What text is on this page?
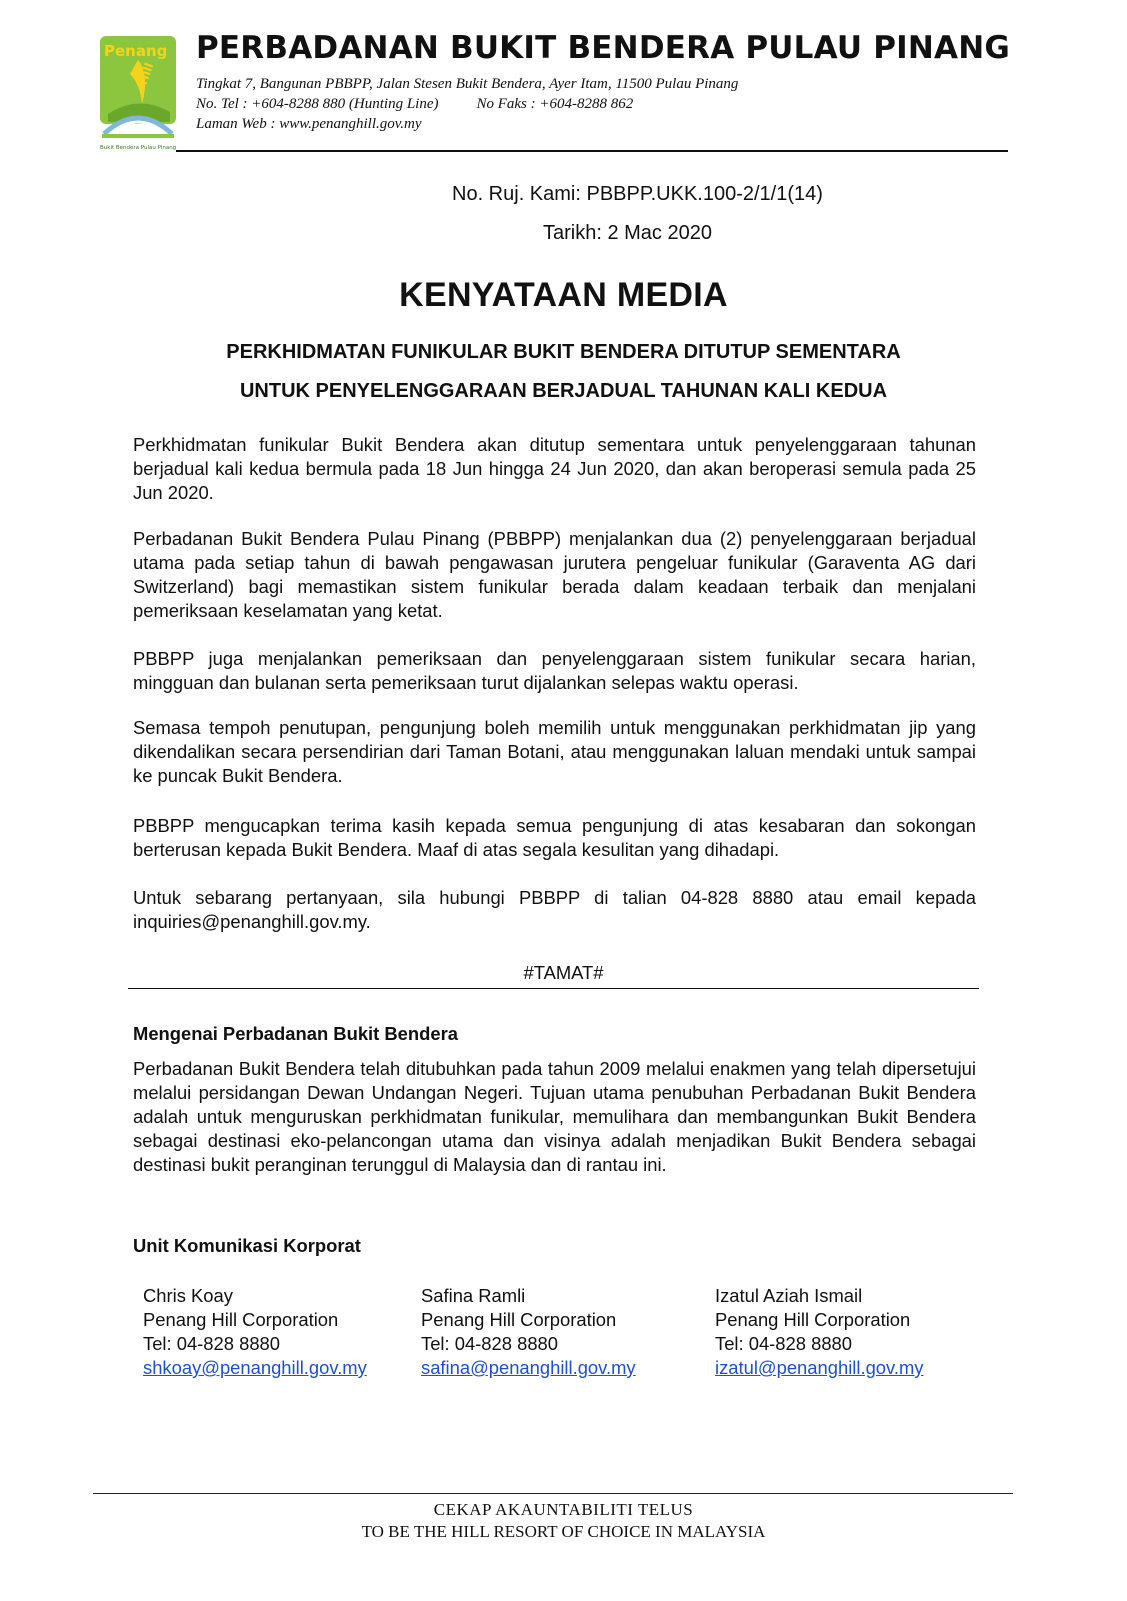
Penang
Hill
Bukit Bendera Pulau Pinang
PERBADANAN BUKIT BENDERA PULAU PINANG
Tingkat 7, Bangunan PBBPP, Jalan Stesen Bukit Bendera, Ayer Itam, 11500 Pulau Pinang
No. Tel : +604-8288 880 (Hunting Line)	No Faks : +604-8288 862
Laman Web : www.penanghill.gov.my
No. Ruj. Kami: PBBPP.UKK.100-2/1/1(14)
Tarikh: 2 Mac 2020
KENYATAAN MEDIA
PERKHIDMATAN FUNIKULAR BUKIT BENDERA DITUTUP SEMENTARA
UNTUK PENYELENGGARAAN BERJADUAL TAHUNAN KALI KEDUA

Perkhidmatan funikular Bukit Bendera akan ditutup sementara untuk penyelenggaraan tahunan berjadual kali kedua bermula pada 18 Jun hingga 24 Jun 2020, dan akan beroperasi semula pada 25 Jun 2020.

Perbadanan Bukit Bendera Pulau Pinang (PBBPP) menjalankan dua (2) penyelenggaraan berjadual utama pada setiap tahun di bawah pengawasan jurutera pengeluar funikular (Garaventa AG dari Switzerland) bagi memastikan sistem funikular berada dalam keadaan terbaik dan menjalani pemeriksaan keselamatan yang ketat.

PBBPP juga menjalankan pemeriksaan dan penyelenggaraan sistem funikular secara harian, mingguan dan bulanan serta pemeriksaan turut dijalankan selepas waktu operasi.

Semasa tempoh penutupan, pengunjung boleh memilih untuk menggunakan perkhidmatan jip yang dikendalikan secara persendirian dari Taman Botani, atau menggunakan laluan mendaki untuk sampai ke puncak Bukit Bendera.

PBBPP mengucapkan terima kasih kepada semua pengunjung di atas kesabaran dan sokongan berterusan kepada Bukit Bendera. Maaf di atas segala kesulitan yang dihadapi.

Untuk sebarang pertanyaan, sila hubungi PBBPP di talian 04-828 8880 atau email kepada inquiries@penanghill.gov.my.

#TAMAT#
Mengenai Perbadanan Bukit Bendera

Perbadanan Bukit Bendera telah ditubuhkan pada tahun 2009 melalui enakmen yang telah dipersetujui melalui persidangan Dewan Undangan Negeri. Tujuan utama penubuhan Perbadanan Bukit Bendera adalah untuk menguruskan perkhidmatan funikular, memulihara dan membangunkan Bukit Bendera sebagai destinasi eko-pelancongan utama dan visinya adalah menjadikan Bukit Bendera sebagai destinasi bukit peranginan terunggul di Malaysia dan di rantau ini.

Unit Komunikasi Korporat
Chris Koay
Penang Hill Corporation
Tel: 04-828 8880
shkoay@penanghill.gov.my
Safina Ramli
Penang Hill Corporation
Tel: 04-828 8880
safina@penanghill.gov.my
Izatul Aziah Ismail
Penang Hill Corporation
Tel: 04-828 8880
izatul@penanghill.gov.my
CEKAP AKAUNTABILITI TELUS
TO BE THE HILL RESORT OF CHOICE IN MALAYSIA
